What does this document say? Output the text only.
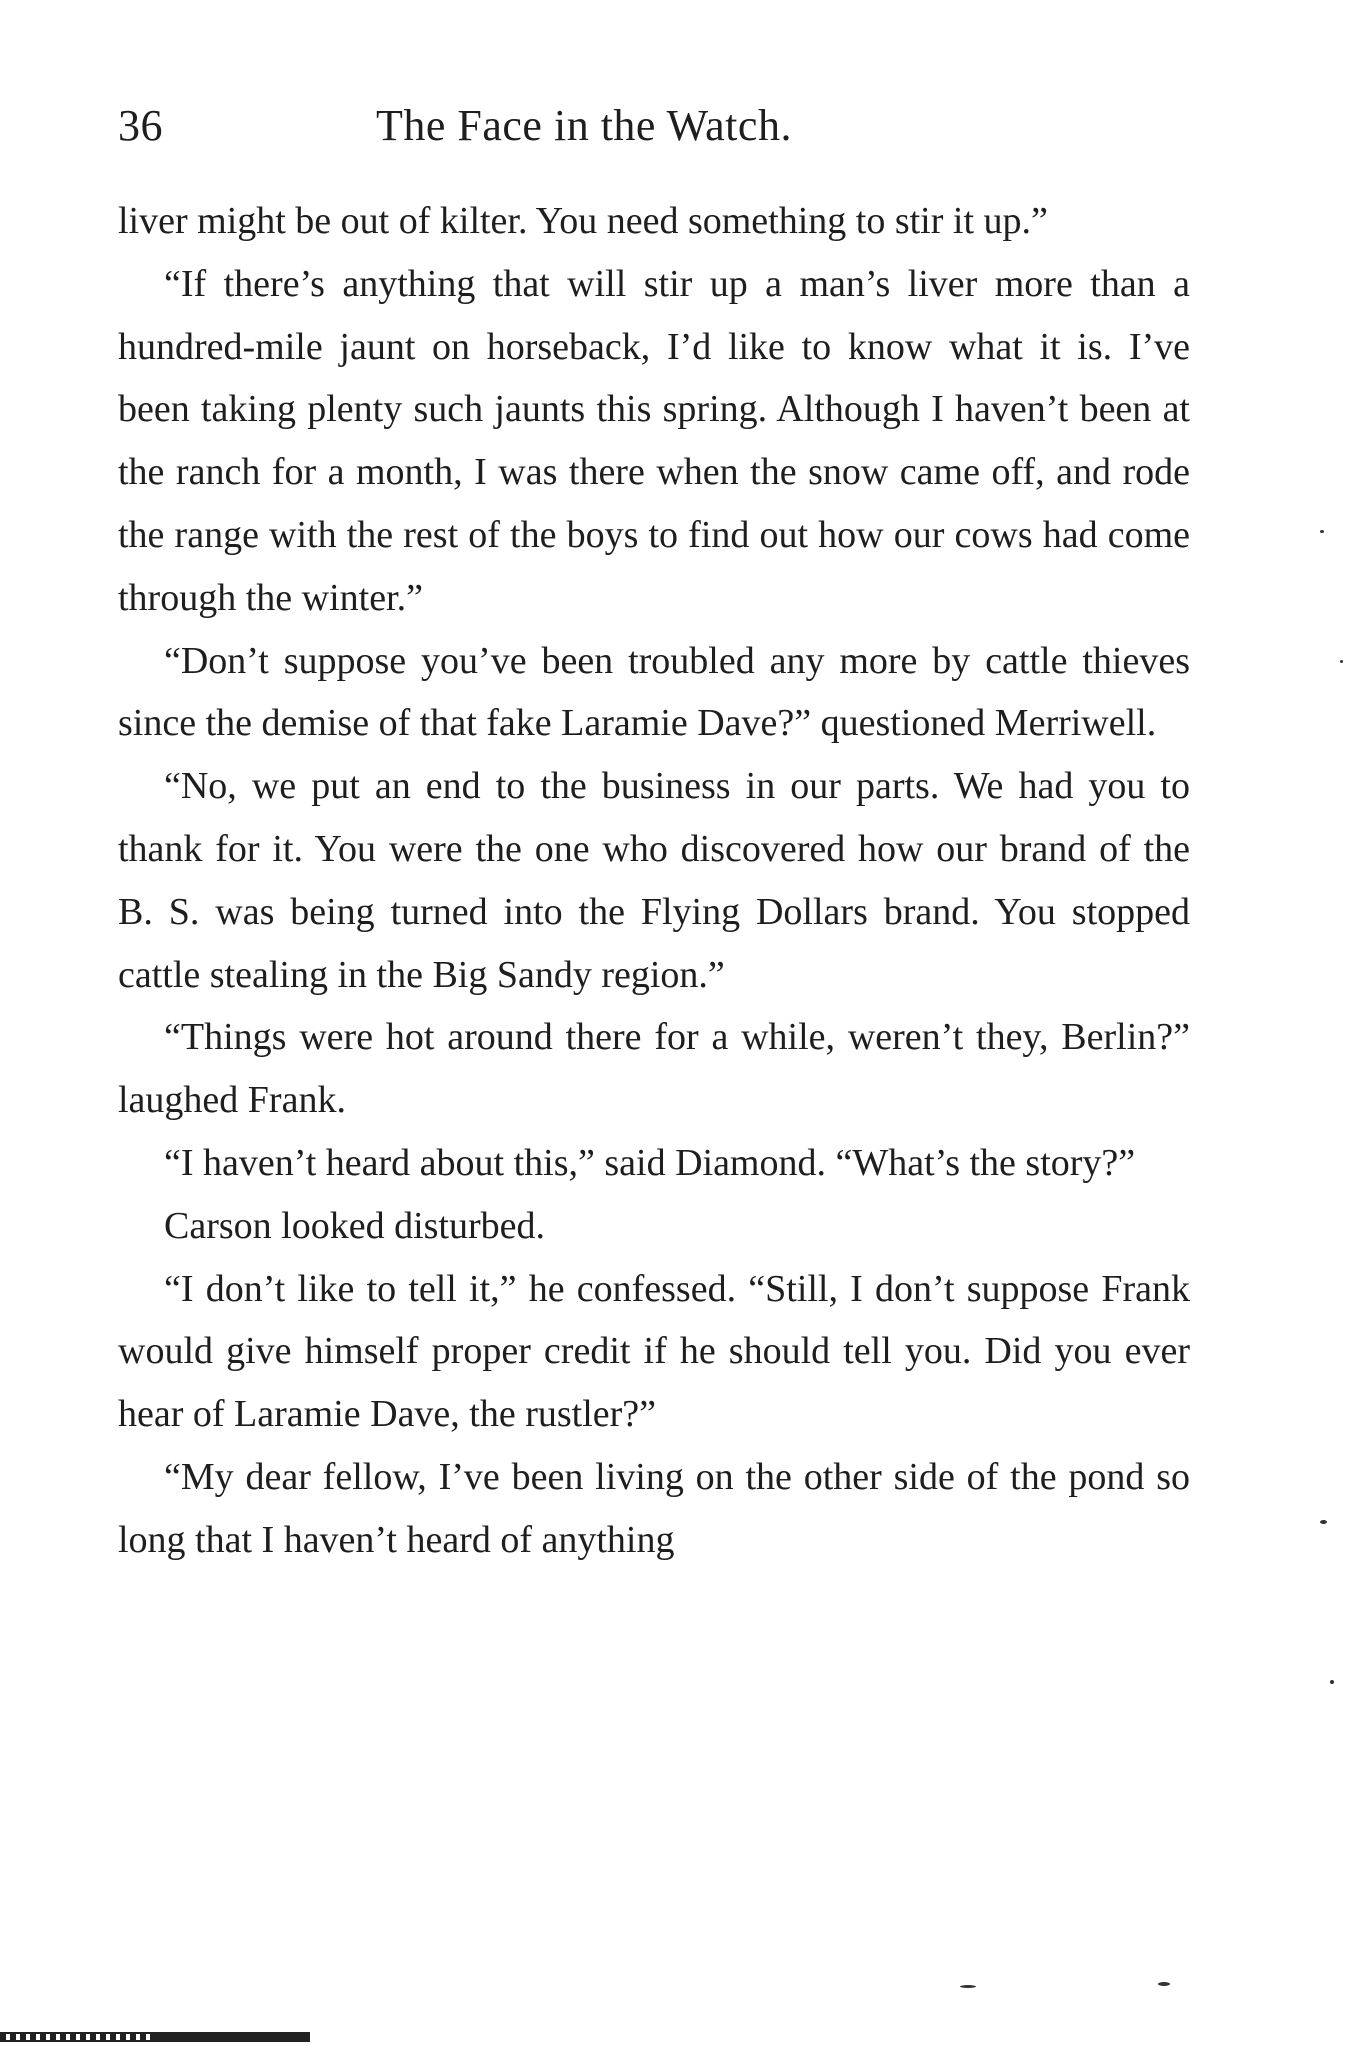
36	The Face in the Watch.

liver might be out of kilter. You need something to stir it up.”

“If there’s anything that will stir up a man’s liver more than a hundred-mile jaunt on horseback, I’d like to know what it is. I’ve been taking plenty such jaunts this spring. Although I haven’t been at the ranch for a month, I was there when the snow came off, and rode the range with the rest of the boys to find out how our cows had come through the winter.”

“Don’t suppose you’ve been troubled any more by cattle thieves since the demise of that fake Laramie Dave?” questioned Merriwell.

“No, we put an end to the business in our parts. We had you to thank for it. You were the one who discovered how our brand of the B. S. was being turned into the Flying Dollars brand. You stopped cattle stealing in the Big Sandy region.”

“Things were hot around there for a while, weren’t they, Berlin?” laughed Frank.

“I haven’t heard about this,” said Diamond. “What’s the story?”

Carson looked disturbed.

“I don’t like to tell it,” he confessed. “Still, I don’t suppose Frank would give himself proper credit if he should tell you. Did you ever hear of Laramie Dave, the rustler?”

“My dear fellow, I’ve been living on the other side of the pond so long that I haven’t heard of anything
